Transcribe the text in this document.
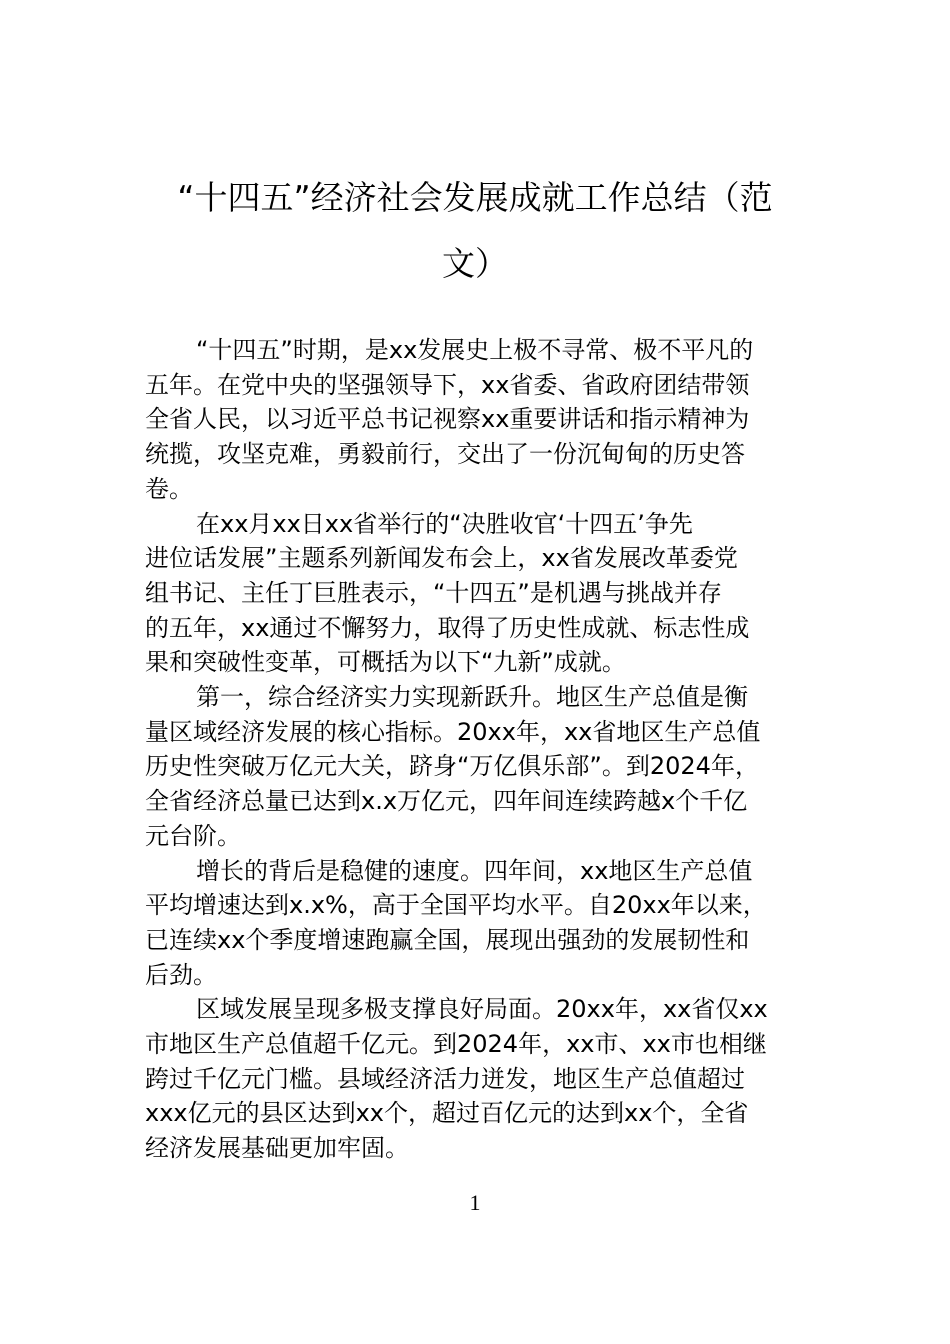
“十四五”经济社会发展成就工作总结（范
文）

“十四五”时期，是xx发展史上极不寻常、极不平凡的
五年。在党中央的坚强领导下，xx省委、省政府团结带领
全省人民，以习近平总书记视察xx重要讲话和指示精神为
统揽，攻坚克难，勇毅前行，交出了一份沉甸甸的历史答
卷。

在xx月xx日xx省举行的“决胜收官‘十四五’争先
进位话发展”主题系列新闻发布会上，xx省发展改革委党
组书记、主任丁巨胜表示，“十四五”是机遇与挑战并存
的五年，xx通过不懈努力，取得了历史性成就、标志性成
果和突破性变革，可概括为以下“九新”成就。

第一，综合经济实力实现新跃升。地区生产总值是衡
量区域经济发展的核心指标。20xx年，xx省地区生产总值
历史性突破万亿元大关，跻身“万亿俱乐部”。到2024年，
全省经济总量已达到x.x万亿元，四年间连续跨越x个千亿
元台阶。

增长的背后是稳健的速度。四年间，xx地区生产总值
平均增速达到x.x%，高于全国平均水平。自20xx年以来，
已连续xx个季度增速跑赢全国，展现出强劲的发展韧性和
后劲。

区域发展呈现多极支撑良好局面。20xx年，xx省仅xx
市地区生产总值超千亿元。到2024年，xx市、xx市也相继
跨过千亿元门槛。县域经济活力迸发，地区生产总值超过
xxx亿元的县区达到xx个，超过百亿元的达到xx个，全省
经济发展基础更加牢固。

1
